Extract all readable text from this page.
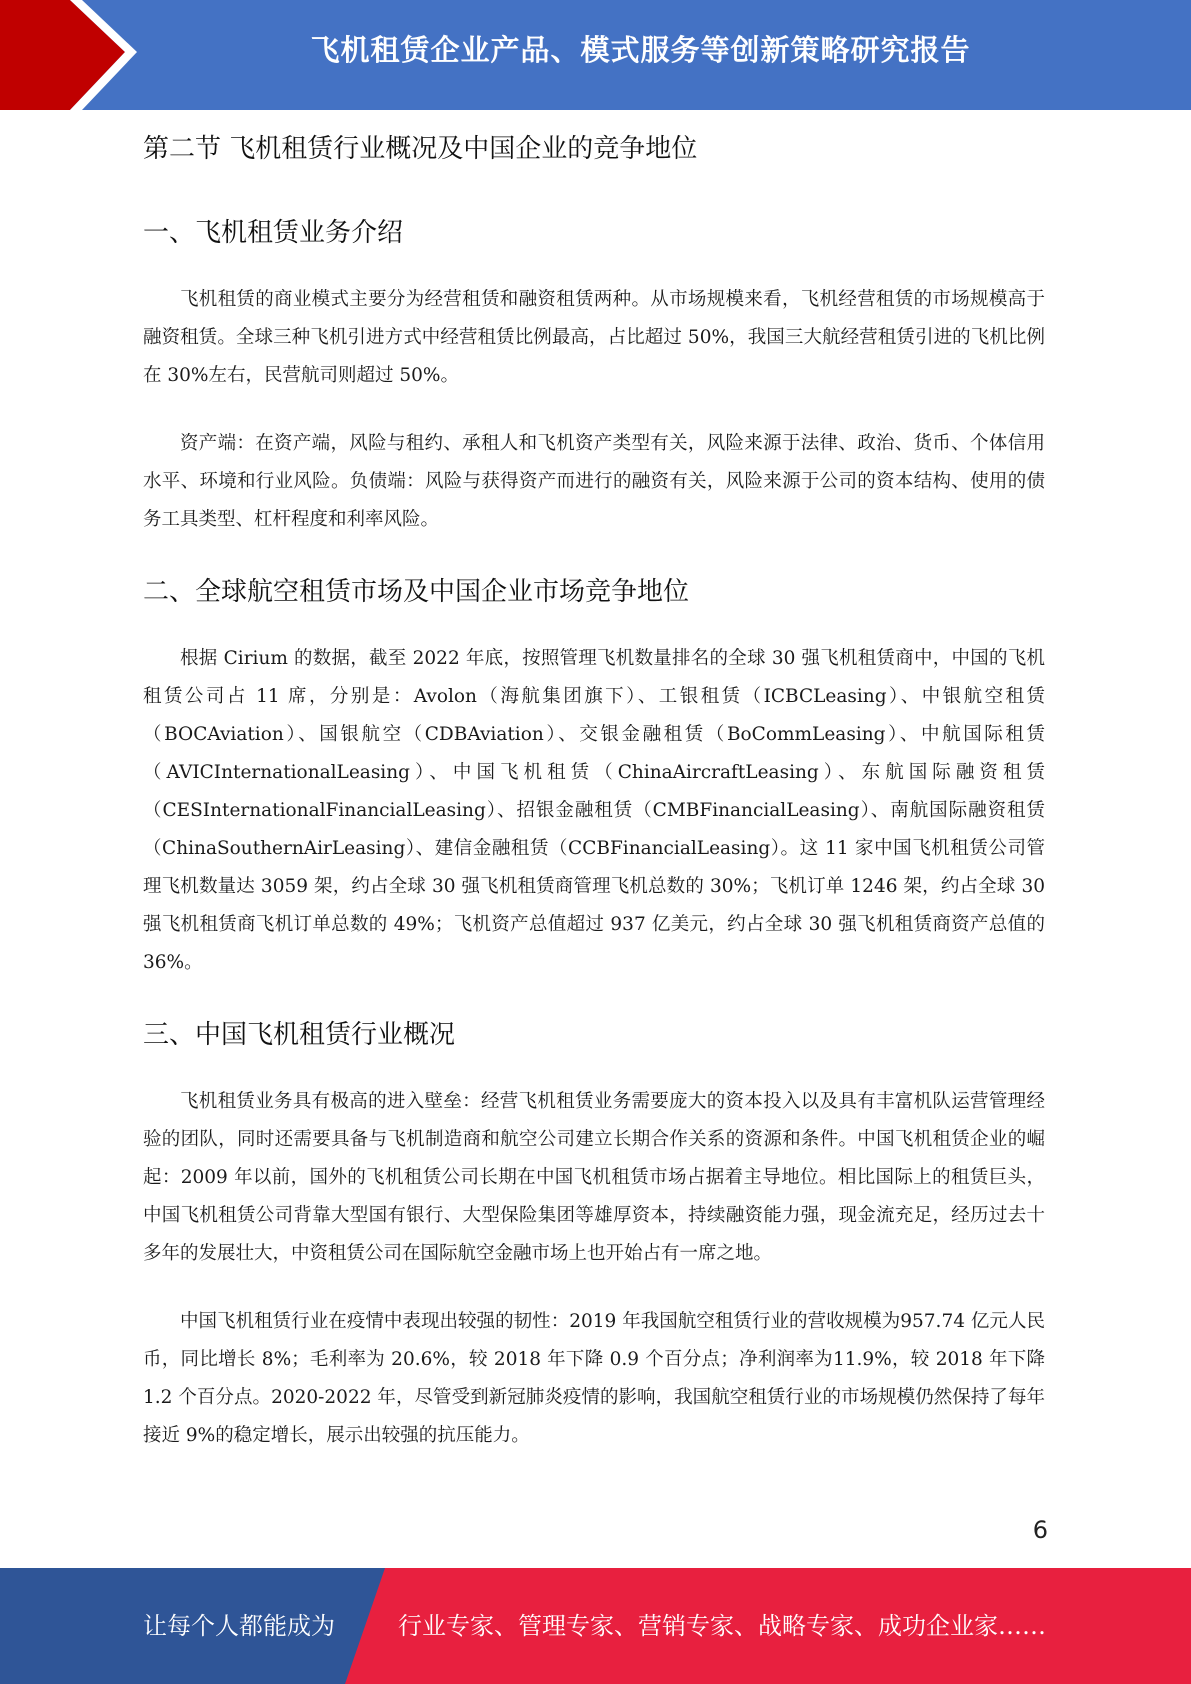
飞机租赁企业产品、模式服务等创新策略研究报告
第二节 飞机租赁行业概况及中国企业的竞争地位
一、飞机租赁业务介绍

飞机租赁的商业模式主要分为经营租赁和融资租赁两种。从市场规模来看，飞机经营租赁的市场规模高于融资租赁。全球三种飞机引进方式中经营租赁比例最高，占比超过 50%，我国三大航经营租赁引进的飞机比例在 30%左右，民营航司则超过 50%。

资产端：在资产端，风险与租约、承租人和飞机资产类型有关，风险来源于法律、政治、货币、个体信用水平、环境和行业风险。负债端：风险与获得资产而进行的融资有关，风险来源于公司的资本结构、使用的债务工具类型、杠杆程度和利率风险。

二、全球航空租赁市场及中国企业市场竞争地位

根据 Cirium 的数据，截至 2022 年底，按照管理飞机数量排名的全球 30 强飞机租赁商中，中国的飞机租赁公司占 11 席，分别是：Avolon（海航集团旗下）、工银租赁（ICBCLeasing）、中银航空租赁（BOCAviation）、国银航空（CDBAviation）、交银金融租赁（BoCommLeasing）、中航国际租赁（AVICInternationalLeasing）、中国飞机租赁（ChinaAircraftLeasing）、东航国际融资租赁（CESInternationalFinancialLeasing）、招银金融租赁（CMBFinancialLeasing）、南航国际融资租赁（ChinaSouthernAirLeasing）、建信金融租赁（CCBFinancialLeasing）。这 11 家中国飞机租赁公司管理飞机数量达 3059 架，约占全球 30 强飞机租赁商管理飞机总数的 30%；飞机订单 1246 架，约占全球 30 强飞机租赁商飞机订单总数的 49%；飞机资产总值超过 937 亿美元，约占全球 30 强飞机租赁商资产总值的 36%。

三、中国飞机租赁行业概况

飞机租赁业务具有极高的进入壁垒：经营飞机租赁业务需要庞大的资本投入以及具有丰富机队运营管理经验的团队，同时还需要具备与飞机制造商和航空公司建立长期合作关系的资源和条件。中国飞机租赁企业的崛起：2009 年以前，国外的飞机租赁公司长期在中国飞机租赁市场占据着主导地位。相比国际上的租赁巨头，中国飞机租赁公司背靠大型国有银行、大型保险集团等雄厚资本，持续融资能力强，现金流充足，经历过去十多年的发展壮大，中资租赁公司在国际航空金融市场上也开始占有一席之地。

中国飞机租赁行业在疫情中表现出较强的韧性：2019 年我国航空租赁行业的营收规模为957.74 亿元人民币，同比增长 8%；毛利率为 20.6%，较 2018 年下降 0.9 个百分点；净利润率为11.9%，较 2018 年下降 1.2 个百分点。2020-2022 年，尽管受到新冠肺炎疫情的影响，我国航空租赁行业的市场规模仍然保持了每年接近 9%的稳定增长，展示出较强的抗压能力。

6
让每个人都能成为	行业专家、管理专家、营销专家、战略专家、成功企业家……
